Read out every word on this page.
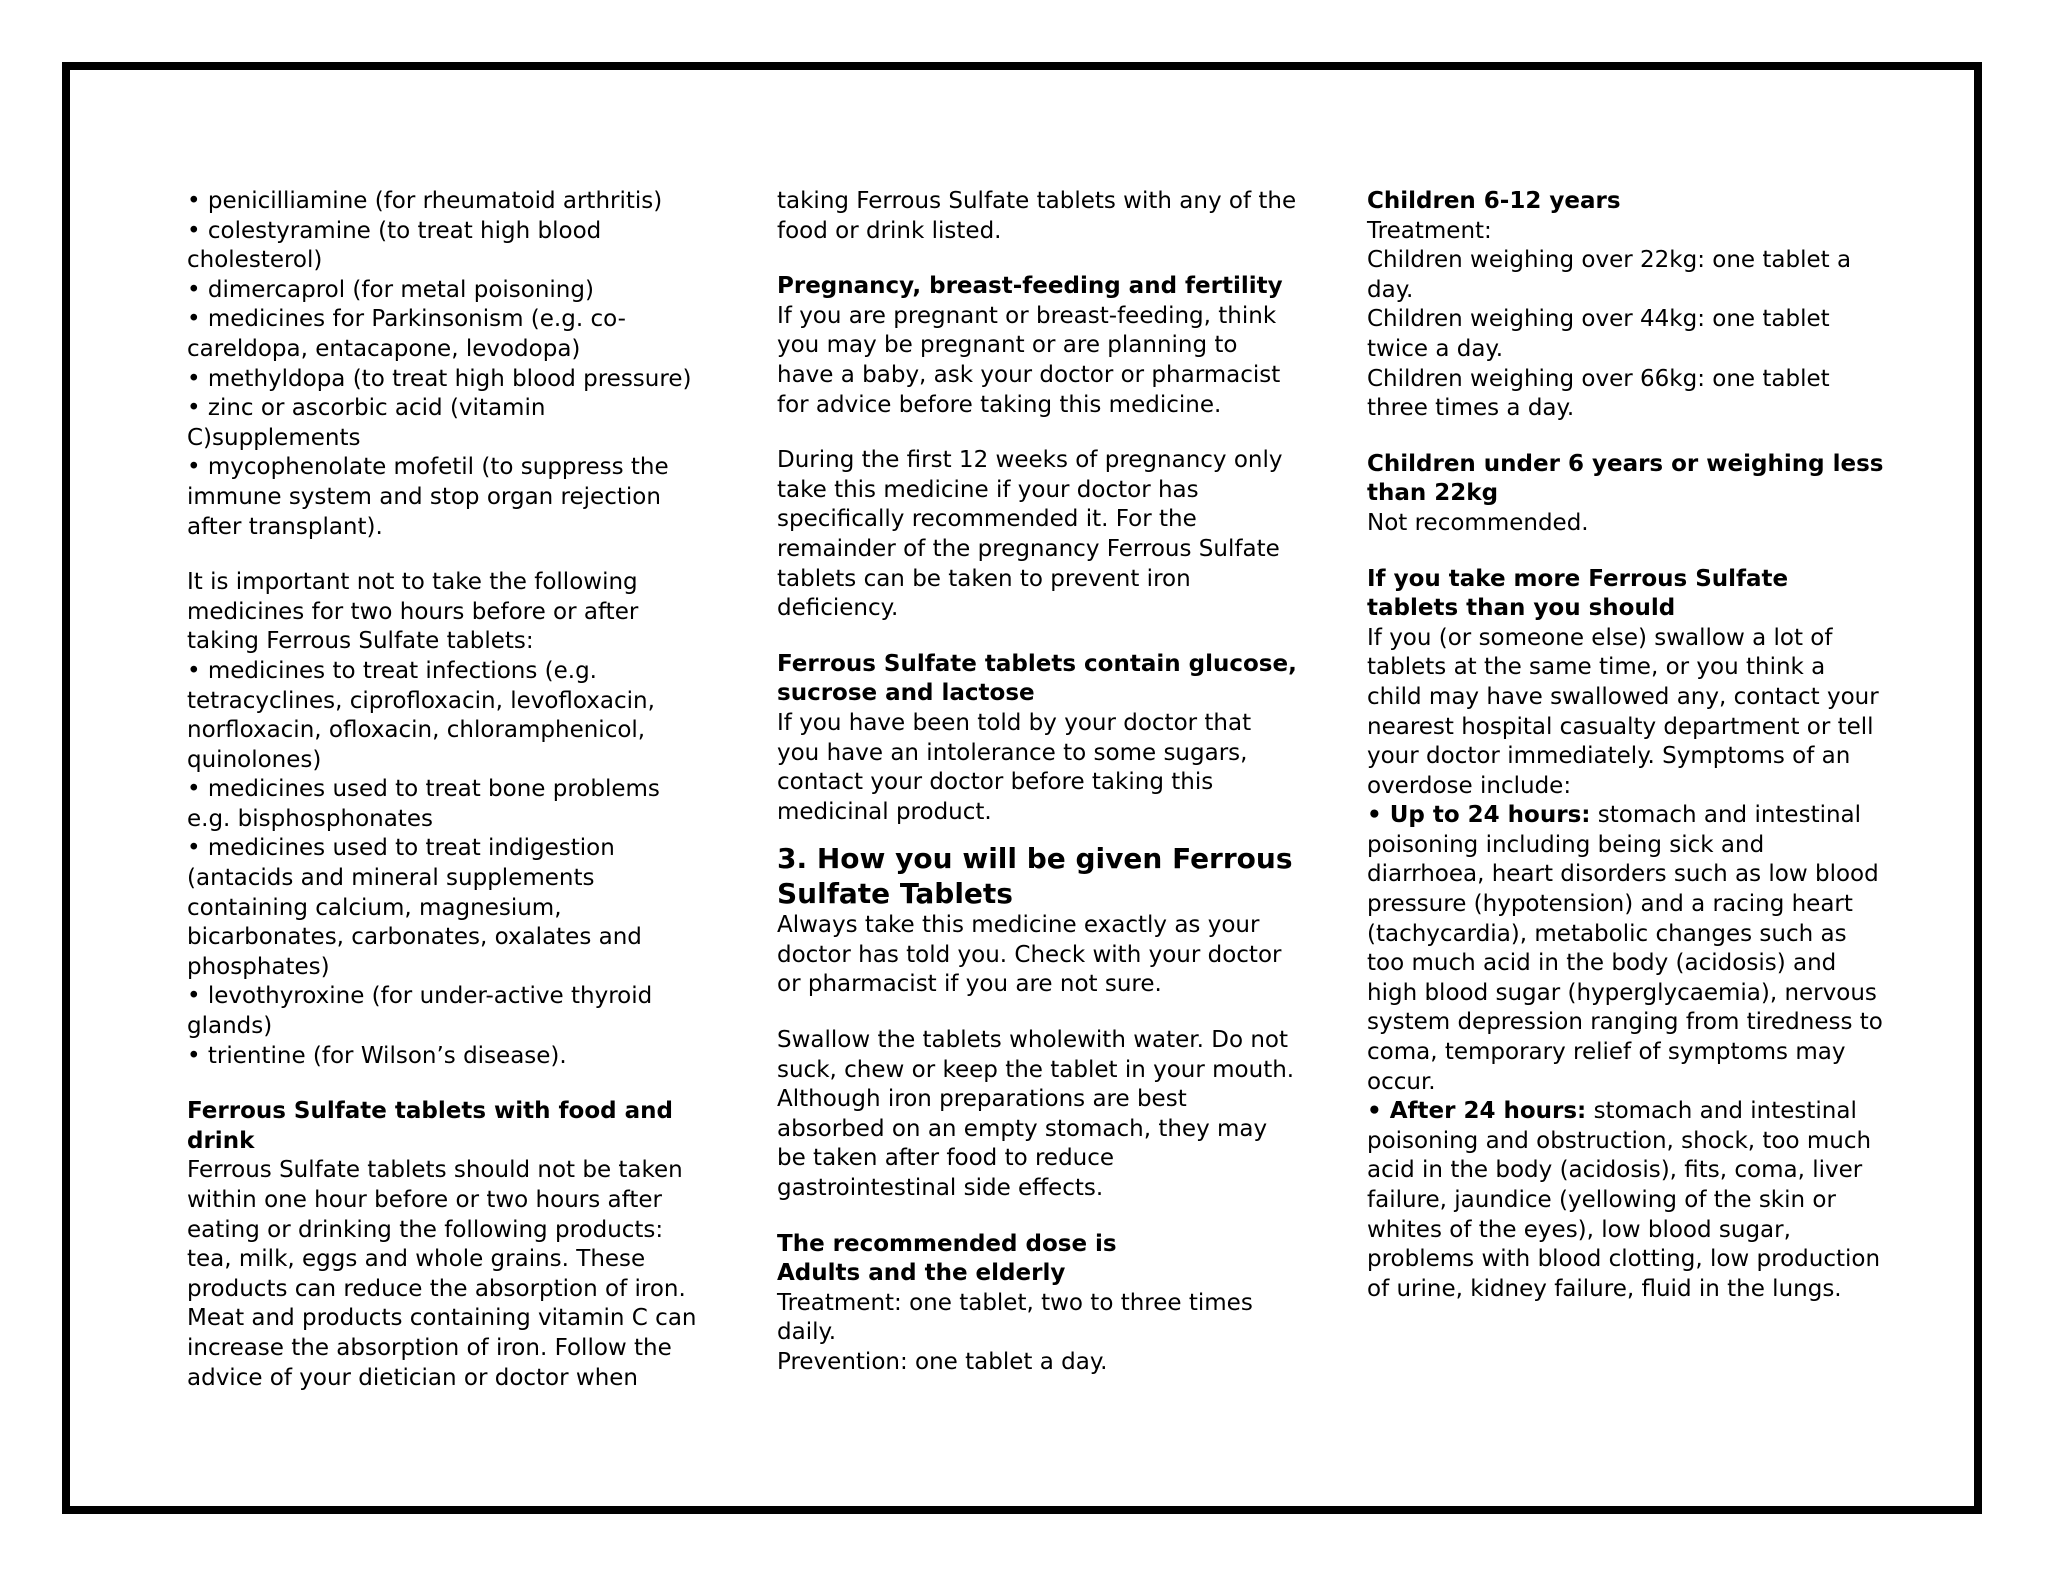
• penicilliamine (for rheumatoid arthritis)

• colestyramine (to treat high blood cholesterol)

• dimercaprol (for metal poisoning)

• medicines for Parkinsonism (e.g. co-careldopa, entacapone, levodopa)

• methyldopa (to treat high blood pressure)

• zinc or ascorbic acid (vitamin C)supplements

• mycophenolate mofetil (to suppress the immune system and stop organ rejection after transplant).

It is important not to take the following medicines for two hours before or after taking Ferrous Sulfate tablets:

• medicines to treat infections (e.g. tetracyclines, ciprofloxacin, levofloxacin, norfloxacin, ofloxacin, chloramphenicol, quinolones)

• medicines used to treat bone problems e.g. bisphosphonates

• medicines used to treat indigestion (antacids and mineral supplements containing calcium, magnesium, bicarbonates, carbonates, oxalates and phosphates)

• levothyroxine (for under-active thyroid glands)

• trientine (for Wilson’s disease).

Ferrous Sulfate tablets with food and drink

Ferrous Sulfate tablets should not be taken within one hour before or two hours after eating or drinking the following products: tea, milk, eggs and whole grains. These products can reduce the absorption of iron. Meat and products containing vitamin C can increase the absorption of iron. Follow the advice of your dietician or doctor when

taking Ferrous Sulfate tablets with any of the food or drink listed.

Pregnancy, breast-feeding and fertility

If you are pregnant or breast-feeding, think you may be pregnant or are planning to have a baby, ask your doctor or pharmacist for advice before taking this medicine.

During the first 12 weeks of pregnancy only take this medicine if your doctor has specifically recommended it. For the remainder of the pregnancy Ferrous Sulfate tablets can be taken to prevent iron deficiency.

Ferrous Sulfate tablets contain glucose, sucrose and lactose

If you have been told by your doctor that you have an intolerance to some sugars, contact your doctor before taking this medicinal product.

3. How you will be given Ferrous Sulfate Tablets

Always take this medicine exactly as your doctor has told you. Check with your doctor or pharmacist if you are not sure.

Swallow the tablets wholewith water. Do not suck, chew or keep the tablet in your mouth. Although iron preparations are best absorbed on an empty stomach, they may be taken after food to reduce gastrointestinal side effects.

The recommended dose is

Adults and the elderly

Treatment: one tablet, two to three times daily.

Prevention: one tablet a day.

Children 6-12 years

Treatment:

Children weighing over 22kg: one tablet a day.

Children weighing over 44kg: one tablet twice a day.

Children weighing over 66kg: one tablet three times a day.

Children under 6 years or weighing less than 22kg

Not recommended.

If you take more Ferrous Sulfate tablets than you should

If you (or someone else) swallow a lot of tablets at the same time, or you think a child may have swallowed any, contact your nearest hospital casualty department or tell your doctor immediately. Symptoms of an overdose include:

• Up to 24 hours: stomach and intestinal poisoning including being sick and diarrhoea, heart disorders such as low blood pressure (hypotension) and a racing heart (tachycardia), metabolic changes such as too much acid in the body (acidosis) and high blood sugar (hyperglycaemia), nervous system depression ranging from tiredness to coma, temporary relief of symptoms may occur.

• After 24 hours: stomach and intestinal poisoning and obstruction, shock, too much acid in the body (acidosis), fits, coma, liver failure, jaundice (yellowing of the skin or whites of the eyes), low blood sugar, problems with blood clotting, low production of urine, kidney failure, fluid in the lungs.
